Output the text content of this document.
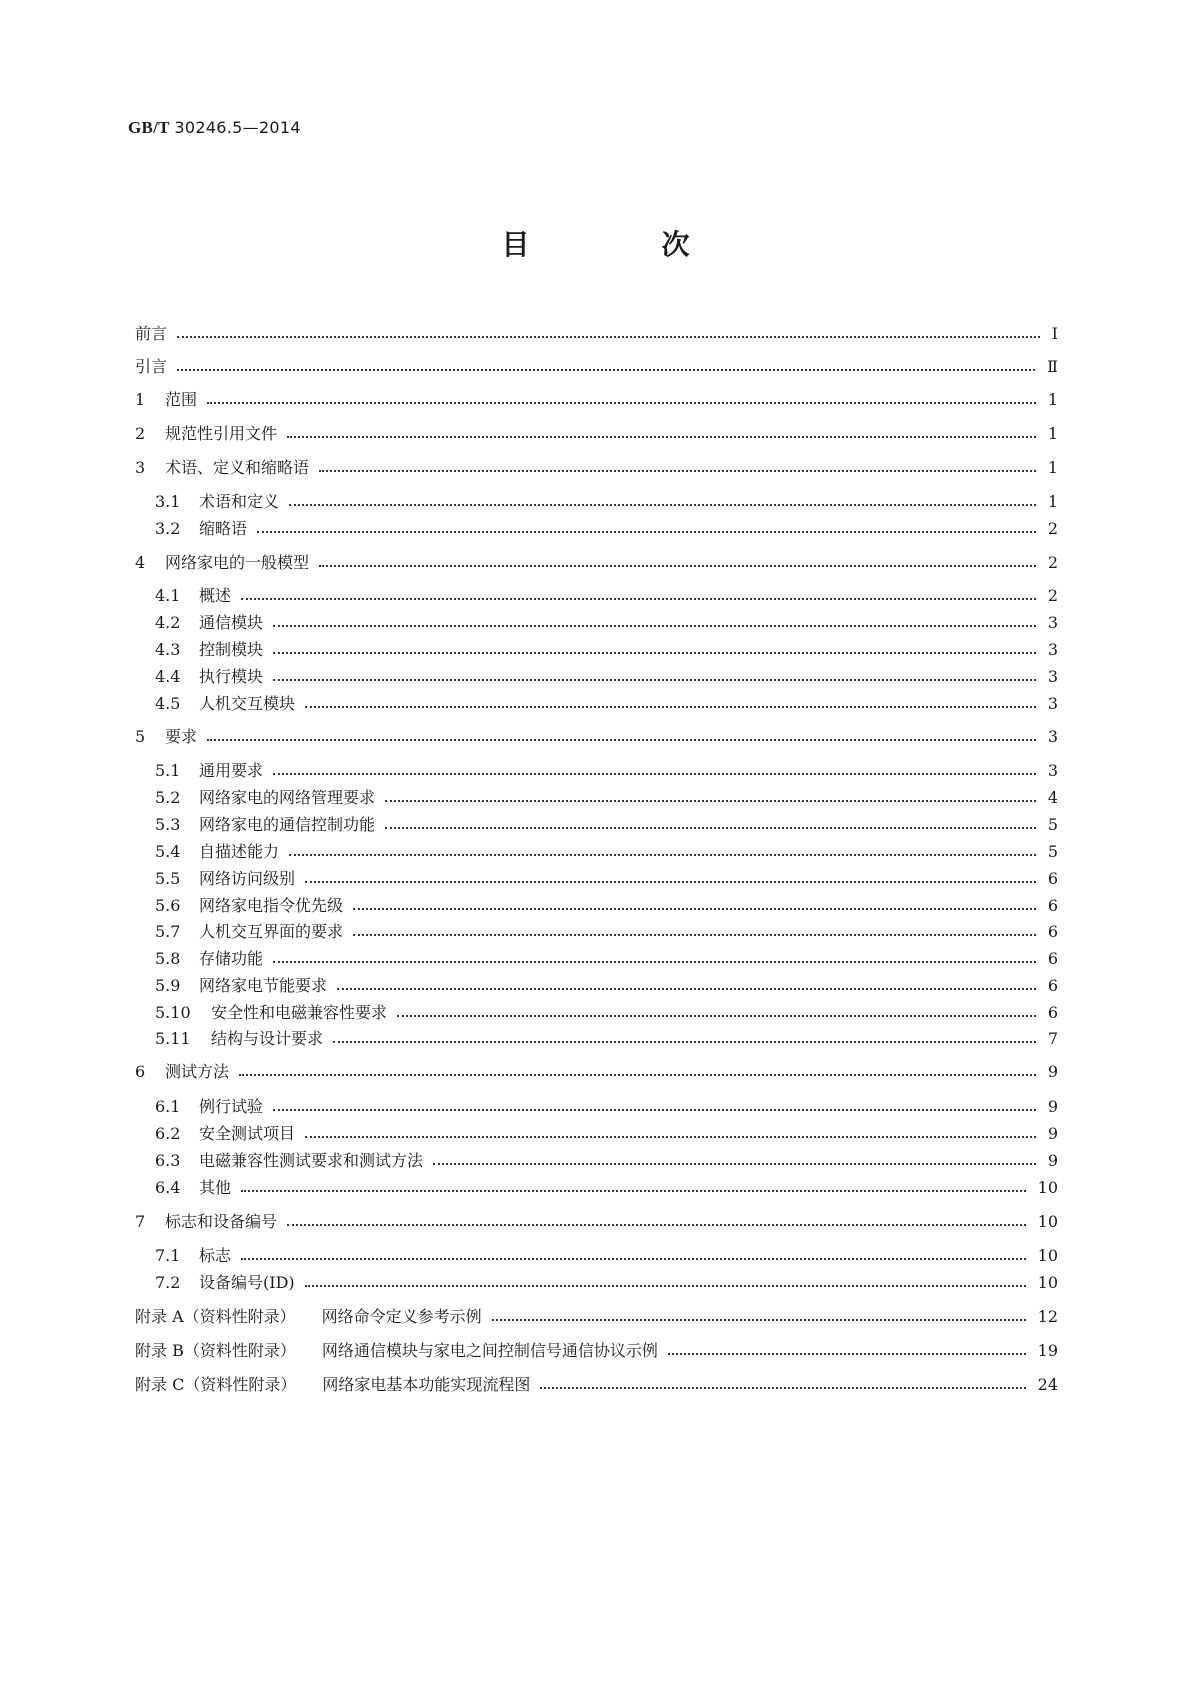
GB/T 30246.5—2014
目　次
前言	Ⅰ
引言	Ⅱ
1	范围	1
2	规范性引用文件	1
3	术语、定义和缩略语	1
3.1	术语和定义	1
3.2	缩略语	2
4	网络家电的一般模型	2
4.1	概述	2
4.2	通信模块	3
4.3	控制模块	3
4.4	执行模块	3
4.5	人机交互模块	3
5	要求	3
5.1	通用要求	3
5.2	网络家电的网络管理要求	4
5.3	网络家电的通信控制功能	5
5.4	自描述能力	5
5.5	网络访问级别	6
5.6	网络家电指令优先级	6
5.7	人机交互界面的要求	6
5.8	存储功能	6
5.9	网络家电节能要求	6
5.10	安全性和电磁兼容性要求	6
5.11	结构与设计要求	7
6	测试方法	9
6.1	例行试验	9
6.2	安全测试项目	9
6.3	电磁兼容性测试要求和测试方法	9
6.4	其他	10
7	标志和设备编号	10
7.1	标志	10
7.2	设备编号(ID)	10
附录 A（资料性附录） 网络命令定义参考示例	12
附录 B（资料性附录） 网络通信模块与家电之间控制信号通信协议示例	19
附录 C（资料性附录） 网络家电基本功能实现流程图	24
